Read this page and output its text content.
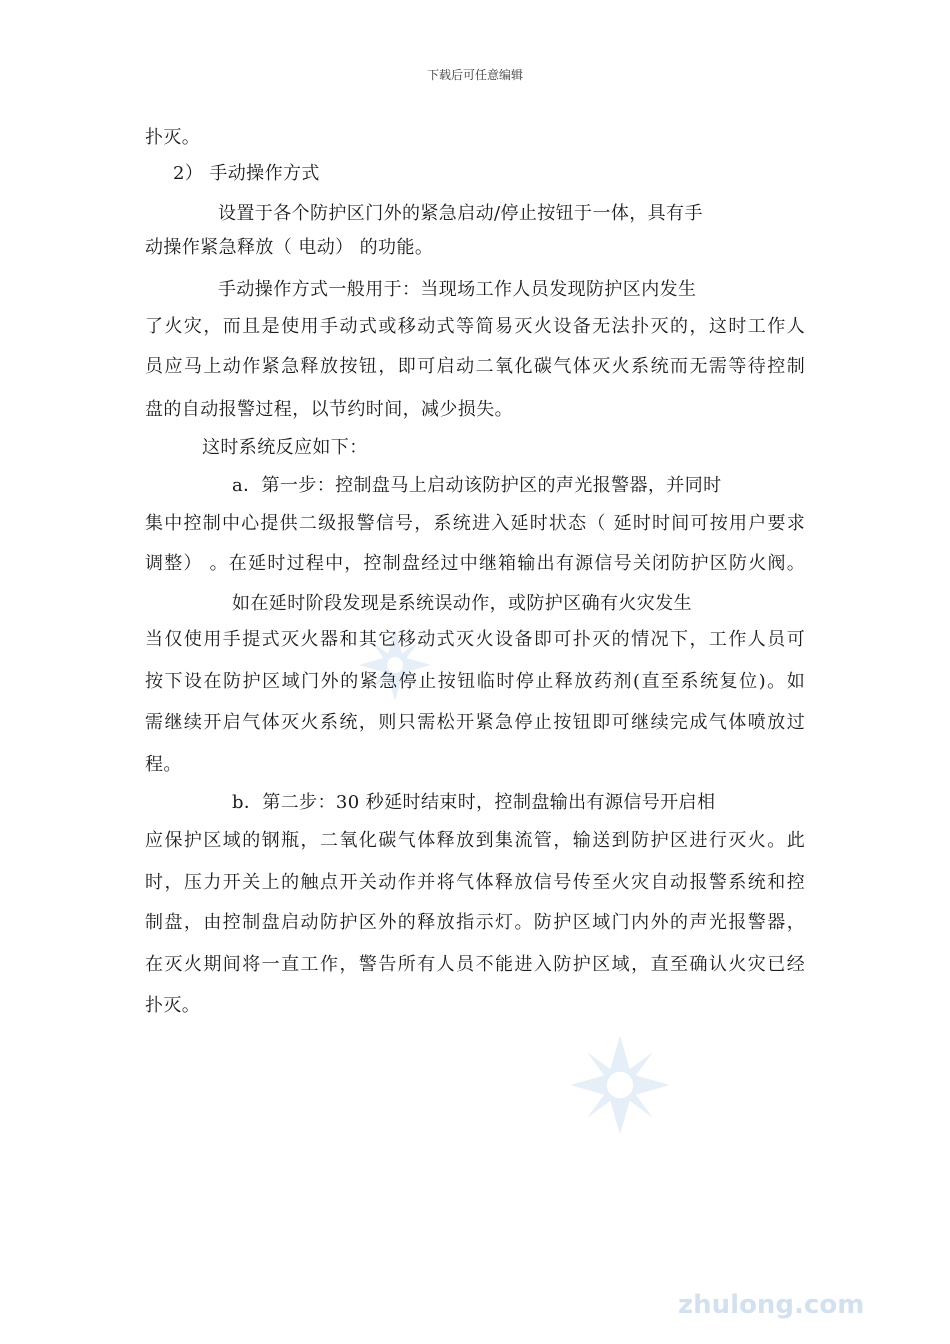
下载后可任意编辑
zhulong.com
扑灭。
2） 手动操作方式
设置于各个防护区门外的紧急启动/停止按钮于一体，具有手
动操作紧急释放（ 电动） 的功能。
手动操作方式一般用于：当现场工作人员发现防护区内发生
了火灾，而且是使用手动式或移动式等简易灭火设备无法扑灭的，这时工作人
员应马上动作紧急释放按钮，即可启动二氧化碳气体灭火系统而无需等待控制
盘的自动报警过程，以节约时间，减少损失。
这时系统反应如下：
a．第一步：控制盘马上启动该防护区的声光报警器，并同时
集中控制中心提供二级报警信号，系统进入延时状态（ 延时时间可按用户要求
调整） 。在延时过程中，控制盘经过中继箱输出有源信号关闭防护区防火阀。
如在延时阶段发现是系统误动作，或防护区确有火灾发生
当仅使用手提式灭火器和其它移动式灭火设备即可扑灭的情况下，工作人员可
按下设在防护区域门外的紧急停止按钮临时停止释放药剂(直至系统复位)。如
需继续开启气体灭火系统，则只需松开紧急停止按钮即可继续完成气体喷放过
程。
b．第二步：30 秒延时结束时，控制盘输出有源信号开启相
应保护区域的钢瓶，二氧化碳气体释放到集流管，输送到防护区进行灭火。此
时，压力开关上的触点开关动作并将气体释放信号传至火灾自动报警系统和控
制盘，由控制盘启动防护区外的释放指示灯。防护区域门内外的声光报警器，
在灭火期间将一直工作，警告所有人员不能进入防护区域，直至确认火灾已经
扑灭。
